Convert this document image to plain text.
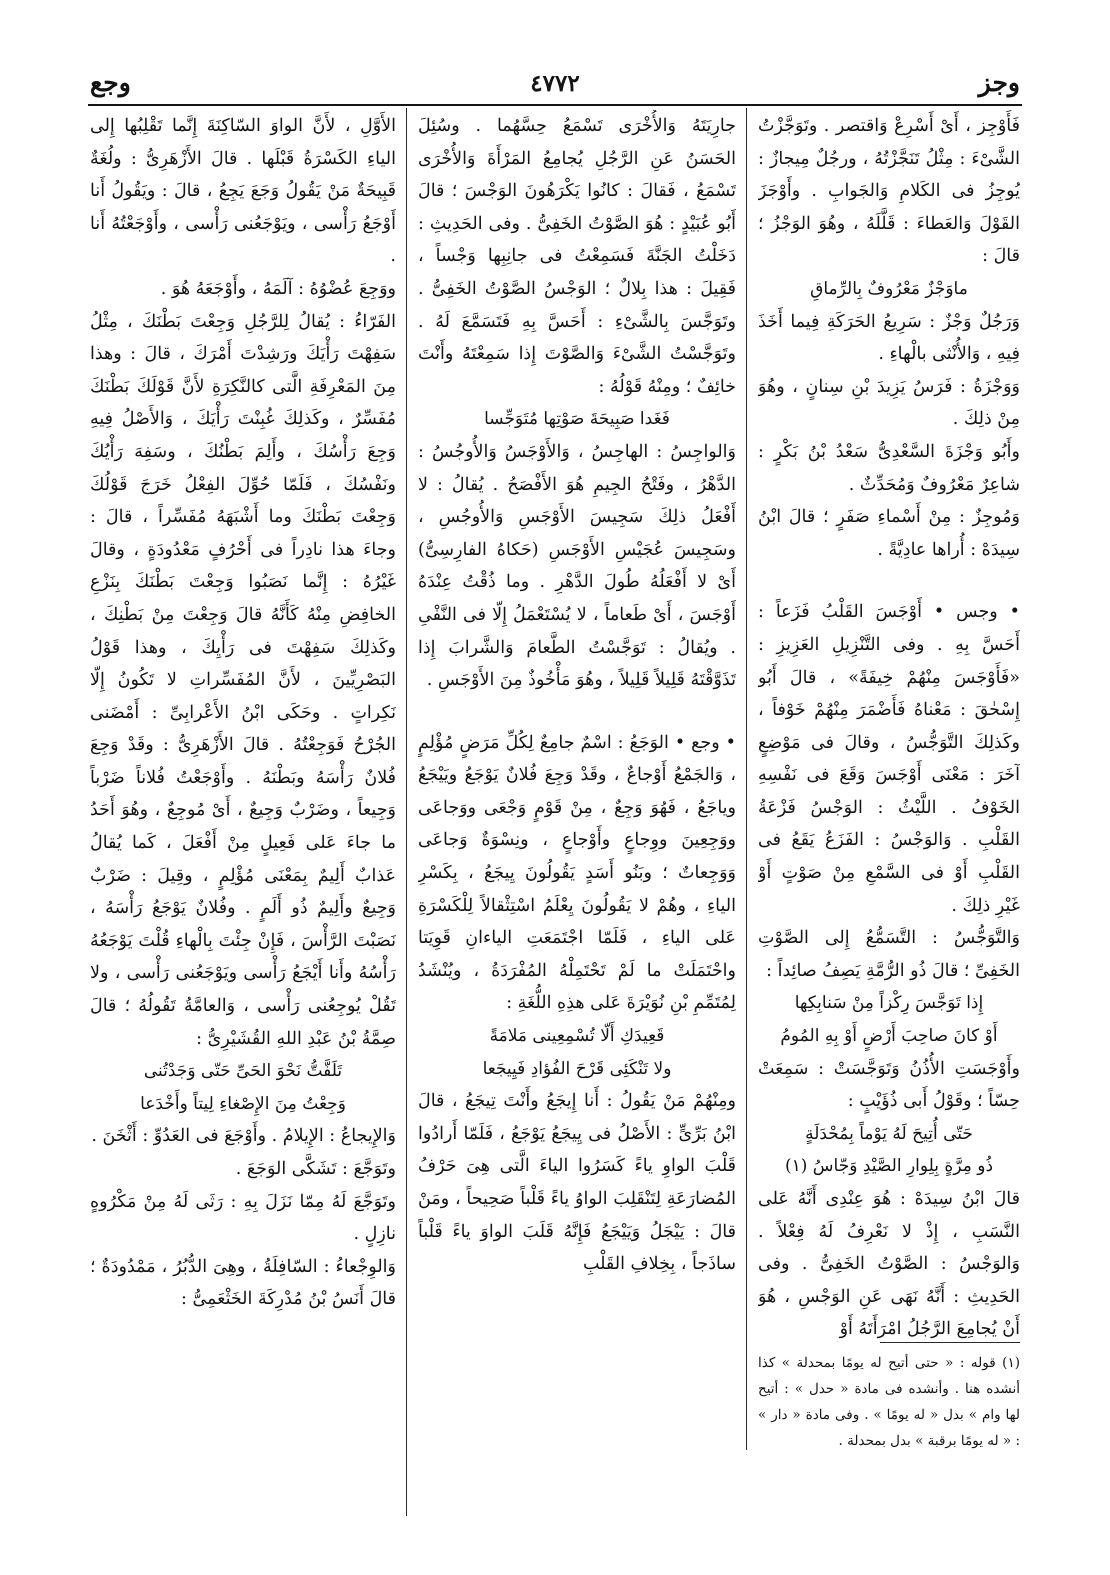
وجز
٤٧٧٢
وجع

فَأَوْجِز ، أَىْ أَسْرِعْ وَاقتصر . وتَوَجَّزْتُ الشَّىْءَ : مِثْلُ تَنَجَّزْتُهُ ، ورجُلٌ مِيجازٌ : يُوجِزُ فى الكَلامِ وَالجَوابِ . وأَوْجَزَ القَوْلَ وَالعَطاءَ : قَلَّلَهُ ، وهُوَ الوَجْزُ ؛ قالَ :

ماوَجْزٌ مَعْرُوفٌ بِالرِّماقِ

وَرَجُلٌ وَجْزٌ : سَرِيعُ الحَرَكَةِ فِيما أَخَذَ فِيهِ ، وَالأُنْثى بالْهاءِ .

وَوَجْزَةُ : فَرَسُ يَزِيدَ بْنِ سِنانٍ ، وهُوَ مِنْ ذلِكَ .

وأَبُو وَجْزَةَ السَّعْدِىُّ سَعْدُ بْنُ بَكْرٍ : شاعِرٌ مَعْرُوفٌ وَمُحَدِّثٌ .

وَمُوجِزٌ : مِنْ أَسْماءِ صَفَرٍ ؛ قالَ ابْنُ سِيدَهْ : أُراها عادِيَّةً .

• وجس • أَوْجَسَ القَلْبُ فَزَعاً : أَحَسَّ بِهِ . وفى التَّنْزِيلِ العَزِيزِ : «فَأَوْجَسَ مِنْهُمْ خِيفَةً» ، قالَ أَبُو إِسْحٰقَ : مَعْناهُ فَأَضْمَرَ مِنْهُمْ خَوْفاً ، وكَذلِكَ التَّوَجُّسُ ، وقالَ فى مَوْضِعٍ آخَرَ : مَعْنَى أَوْجَسَ وَقَعَ فى نَفْسِهِ الخَوْفُ . اللَّيْثُ : الوَجْسُ فَزْعَةُ القَلْبِ . وَالوَجْسُ : الفَزَعُ يَقَعُ فى القَلْبِ أَوْ فى السَّمْعِ مِنْ صَوْتٍ أَوْ غَيْرِ ذلِكَ .

وَالتَّوَجُّسُ : التَّسَمُّعُ إِلى الصَّوْتِ الخَفِىِّ ؛ قالَ ذُو الرُّمَّةِ يَصِفُ صائِداً :

إِذا تَوَجَّسَ رِكْزاً مِنْ سَنابِكِها

أَوْ كانَ صاحِبَ أَرْضٍ أَوْ بِهِ المُومُ

وأَوْجَسَتِ الأُذُنُ وَتَوَجَّسَتْ : سَمِعَتْ حِسّاً ؛ وقَوْلُ أَبى ذُؤَيْبٍ :

حَتّى أُتِيحَ لَهُ يَوْماً بِمُحْدَلَةٍ

ذُو مِرَّةٍ بِلِوارِ الصَّيْدِ وَجّاسُ (١)

قالَ ابْنُ سِيدَهْ : هُوَ عِنْدِى أَنَّهُ عَلى النَّسَبِ ، إِذْ لا نَعْرِفُ لَهُ فِعْلاً . وَالوَجْسُ : الصَّوْتُ الخَفِىُّ . وفى الحَدِيثِ : أَنَّهُ نَهَى عَنِ الوَجْسِ ، هُوَ أَنْ يُجامِعَ الرَّجُلُ امْرَأَتَهُ أَوْ

(١) قوله : « حتى أتيح له يومًا بمحدلة » كذا أنشده هنا . وأنشده فى مادة « حدل » : أتيح لها وام » بدل « له يومًا » . وفى مادة « دار » : « له يومًا برقبة » بدل بمحدلة .

جارِيَتَهُ وَالأُخْرَى تَسْمَعُ حِسَّهُما . وسُئِلَ الحَسَنُ عَنِ الرَّجُلِ يُجامِعُ المَرْأَةَ وَالأُخْرَى تَسْمَعُ ، فَقالَ : كانُوا يَكْرَهُونَ الوَجْسَ ؛ قالَ أَبُو عُبَيْدٍ : هُوَ الصَّوْتُ الخَفِىُّ . وفى الحَدِيثِ : دَخَلْتُ الجَنَّةَ فَسَمِعْتُ فى جانِبِها وَجْساً ، فَقِيلَ : هذا بِلالٌ ؛ الوَجْسُ الصَّوْتُ الخَفِىُّ . وتَوَجَّسَ بِالشَّىْءِ : أَحَسَّ بِهِ فَتَسَمَّعَ لَهُ . وتَوَجَّسْتُ الشَّىْءَ وَالصَّوْتَ إِذا سَمِعْتَهُ وأَنْتَ خائِفٌ ؛ ومِنْهُ قَوْلُهُ :

فَغَدا صَبِيحَةَ صَوْتِها مُتَوَجِّسا

وَالواجِسُ : الهاجِسُ ، وَالأَوْجَسُ وَالأُوجُسُ : الدَّهْرُ ، وفَتْحُ الجِيمِ هُوَ الأَفْصَحُ . يُقالُ : لا أَفْعَلُ ذلِكَ سَجِيسَ الأَوْجَسِ وَالأُوجُسِ ، وسَجِيسَ عُجَيْسِ الأَوْجَسِ (حَكاهُ الفارِسِىُّ) أَىْ لا أَفْعَلُهُ طُولَ الدَّهْرِ . وما ذُقْتُ عِنْدَهُ أَوْجَسَ ، أَىْ طَعاماً ، لا يُسْتَعْمَلُ إِلّا فى النَّفْىِ . ويُقالُ : تَوَجَّسْتُ الطَّعامَ وَالشَّرابَ إِذا تَذَوَّقْتَهُ قَلِيلاً قَلِيلاً ، وهُوَ مَأْخُوذٌ مِنَ الأَوْجَسِ .

• وجع • الوَجَعُ : اسْمٌ جامِعٌ لِكُلِّ مَرَضٍ مُؤْلِمٍ ، وَالجَمْعُ أَوْجاعٌ ، وقَدْ وَجِعَ فُلانٌ يَوْجَعُ ويَيْجَعُ وياجَعُ ، فَهُوَ وَجِعٌ ، مِنْ قَوْمٍ وَجْعَى ووَجاعَى ووَجِعِينَ ووِجاعٍ وأَوْجاعٍ ، ونِسْوَةٌ وَجاعَى وَوَجِعاتٌ ؛ وبَنُو أَسَدٍ يَقُولُونَ يِيجَعُ ، بِكَسْرِ الياءِ ، وهُمْ لا يَقُولُونَ يِعْلَمُ اسْتِثْقالاً لِلْكَسْرَةِ عَلى الياءِ ، فَلَمّا اجْتَمَعَتِ الياءانِ قَوِيَتا واحْتَمَلَتْ ما لَمْ تَحْتَمِلْهُ المُفْرَدَةُ ، ويُنْشَدُ لِمُتَمِّمِ بْنِ نُوَيْرَةَ عَلى هذِهِ اللُّغَةِ :

قَعِيدَكِ أَلّا تُسْمِعِينى مَلامَةً

ولا تَنْكَئِى قَرْحَ الفُؤادِ فَيِيجَعا

ومِنْهُمْ مَنْ يَقُولُ : أَنا إِيجَعُ وأَنْتَ تِيجَعُ ، قالَ ابْنُ بَرِّىٍّ : الأَصْلُ فى يِيجَعُ يَوْجَعُ ، فَلَمّا أَرادُوا قَلْبَ الواوِ ياءً كَسَرُوا الياءَ الَّتى هِىَ حَرْفُ المُضارَعَةِ لِتَنْقَلِبَ الواوُ ياءً قَلْباً صَحِيحاً ، ومَنْ قالَ : يَيْجَلُ وَيَيْجَعُ فَإِنَّهُ قَلَبَ الواوَ ياءً قَلْباً ساذَجاً ، بِخِلافِ القَلْبِ

الأَوَّلِ ، لأَنَّ الواوَ السّاكِنَةَ إِنَّما تَقْلِبُها إِلى الياءِ الكَسْرَةُ قَبْلَها . قالَ الأَزْهَرِىُّ : ولُغَةٌ قَبِيحَةٌ مَنْ يَقُولُ وَجَعَ يَجِعُ ، قالَ : ويَقُولُ أَنا أَوْجَعُ رَأْسى ، ويَوْجَعُنى رَأْسى ، وأَوْجَعْتُهُ أَنا .

ووَجِعَ عُضْوُهُ : آلَمَهُ ، وأَوْجَعَهُ هُوَ .

الفَرّاءُ : يُقالُ لِلرَّجُلِ وَجِعْتَ بَطْنَكَ ، مِثْلُ سَفِهْتَ رَأْيَكَ ورَشِدْتَ أَمْرَكَ ، قالَ : وهذا مِنَ المَعْرِفَةِ الَّتى كالنَّكِرَةِ لأَنَّ قَوْلَكَ بَطْنَكَ مُفَسِّرٌ ، وكَذلِكَ غُبِنْتَ رَأْيَكَ ، وَالأَصْلُ فِيهِ وَجِعَ رَأْسُكَ ، وأَلِمَ بَطْنُكَ ، وسَفِهَ رَأْيُكَ ونَفْسُكَ ، فَلَمّا حُوِّلَ الفِعْلُ خَرَجَ قَوْلُكَ وَجِعْتَ بَطْنَكَ وما أَشْبَهَهُ مُفَسِّراً ، قالَ : وجاءَ هذا نادِراً فى أَحْرُفٍ مَعْدُودَةٍ ، وقالَ غَيْرُهُ : إِنَّما نَصَبُوا وَجِعْتَ بَطْنَكَ بِنَزْعِ الخافِضِ مِنْهُ كَأَنَّهُ قالَ وَجِعْتَ مِنْ بَطْنِكَ ، وكَذلِكَ سَفِهْتَ فى رَأْيِكَ ، وهذا قَوْلُ البَصْرِيِّينَ ، لأَنَّ المُفَسِّراتِ لا تَكُونُ إِلّا نَكِراتٍ . وحَكَى ابْنُ الأَعْرابِىِّ : أَمْضَنى الجُرْحُ فَوَجِعْتُهُ . قالَ الأَزْهَرِىُّ : وقَدْ وَجِعَ فُلانٌ رَأْسَهُ وبَطْنَهُ . وأَوْجَعْتُ فُلاناً ضَرْباً وَجِيعاً ، وضَرْبٌ وَجِيعٌ ، أَىْ مُوجِعٌ ، وهُوَ أَحَدُ ما جاءَ عَلى فَعِيلٍ مِنْ أَفْعَلَ ، كَما يُقالُ عَذابٌ أَلِيمٌ بِمَعْنَى مُؤْلِمٍ ، وقِيلَ : ضَرْبٌ وَجِيعٌ وأَلِيمٌ ذُو أَلَمٍ . وفُلانٌ يَوْجَعُ رَأْسَهُ ، نَصَبْتَ الرَّأْسَ ، فَإِنْ جِئْتَ بِالْهاءِ قُلْتَ يَوْجَعُهُ رَأْسُهُ وأَنا أَيْجَعُ رَأْسى ويَوْجَعُنى رَأْسى ، ولا تَقُلْ يُوجِعُنى رَأْسى ، وَالعامَّةُ تَقُولُهُ ؛ قالَ صِمَّةُ بْنُ عَبْدِ اللهِ القُشَيْرِىُّ :

تَلَفَّتُّ نَحْوَ الحَىِّ حَتّى وَجَدْتُنى

وَجِعْتُ مِنَ الإِصْغاءِ لِيتاً وأَخْدَعا

وَالإِيجاعُ : الإِيلامُ . وأَوْجَعَ فى العَدُوِّ : أَثْخَنَ .

وتَوَجَّعَ : تَشَكَّى الوَجَعَ .

وتَوَجَّعَ لَهُ مِمّا نَزَلَ بِهِ : رَثَى لَهُ مِنْ مَكْرُوهٍ نازِلٍ .

وَالوِجْعاءُ : السّافِلَةُ ، وهِىَ الدُّبُرُ ، مَمْدُودَةٌ ؛ قالَ أَنَسُ بْنُ مُدْرِكَةَ الخَثْعَمِىُّ :
